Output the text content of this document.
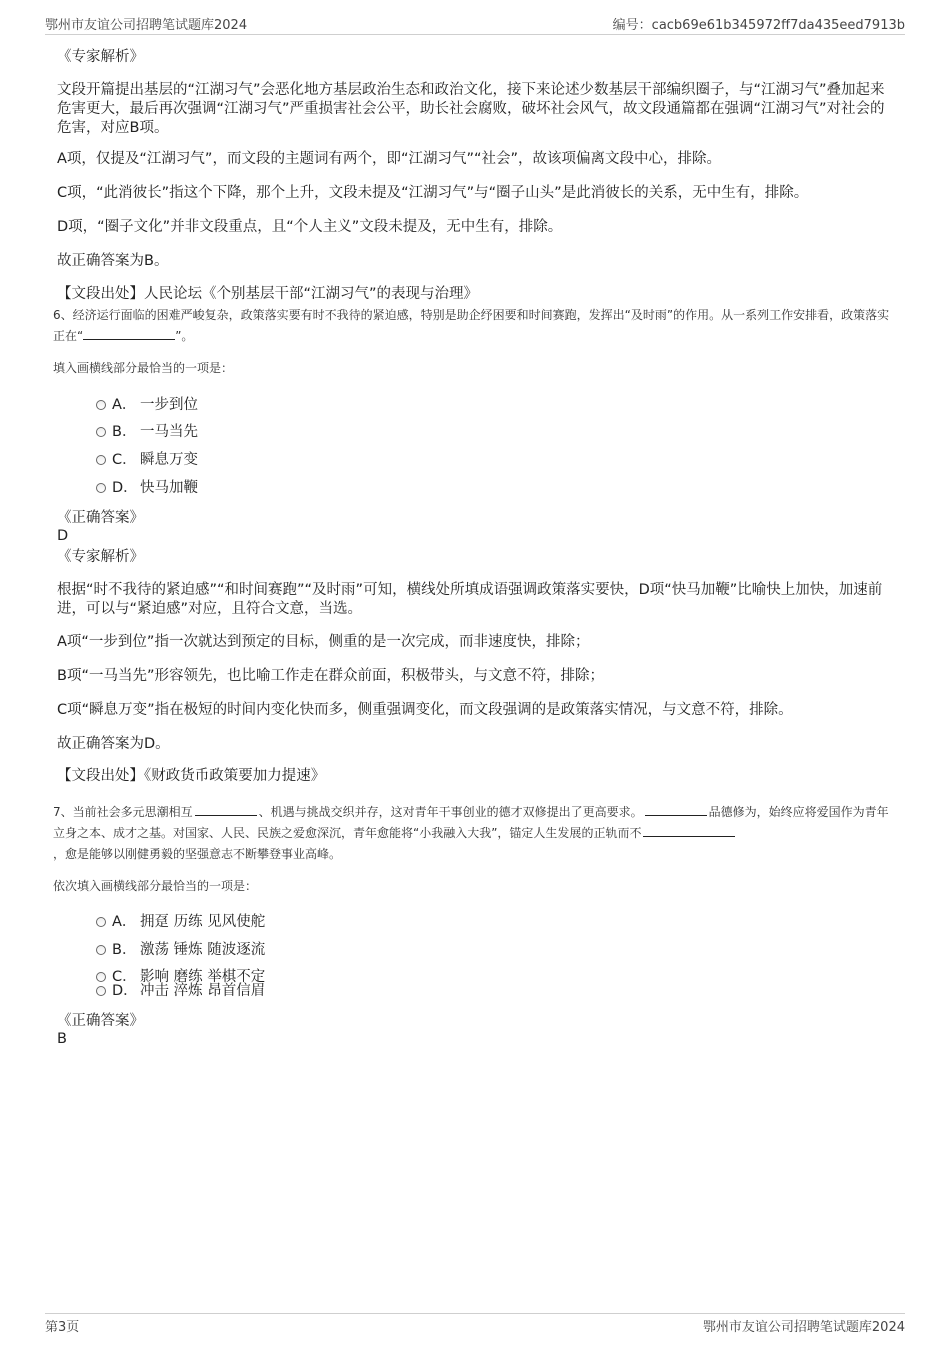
鄂州市友谊公司招聘笔试题库2024	编号：cacb69e61b345972ff7da435eed7913b
《专家解析》
文段开篇提出基层的“江湖习气”会恶化地方基层政治生态和政治文化，接下来论述少数基层干部编织圈子，与“江湖习气”叠加起来危害更大，最后再次强调“江湖习气”严重损害社会公平，助长社会腐败，破坏社会风气，故文段通篇都在强调“江湖习气”对社会的危害，对应B项。
A项，仅提及“江湖习气”，而文段的主题词有两个，即“江湖习气”“社会”，故该项偏离文段中心，排除。
C项，“此消彼长”指这个下降，那个上升，文段未提及“江湖习气”与“圈子山头”是此消彼长的关系，无中生有，排除。
D项，“圈子文化”并非文段重点，且“个人主义”文段未提及，无中生有，排除。
故正确答案为B。
【文段出处】人民论坛《个别基层干部“江湖习气”的表现与治理》
6、经济运行面临的困难严峻复杂，政策落实要有时不我待的紧迫感，特别是助企纾困要和时间赛跑，发挥出“及时雨”的作用。从一系列工作安排看，政策落实正在“	”。
填入画横线部分最恰当的一项是：
A． 一步到位
B． 一马当先
C． 瞬息万变
D． 快马加鞭
《正确答案》
D
《专家解析》
根据“时不我待的紧迫感”“和时间赛跑”“及时雨”可知，横线处所填成语强调政策落实要快，D项“快马加鞭”比喻快上加快，加速前进，可以与“紧迫感”对应，且符合文意，当选。
A项“一步到位”指一次就达到预定的目标，侧重的是一次完成，而非速度快，排除；
B项“一马当先”形容领先，也比喻工作走在群众前面，积极带头，与文意不符，排除；
C项“瞬息万变”指在极短的时间内变化快而多，侧重强调变化，而文段强调的是政策落实情况，与文意不符，排除。
故正确答案为D。
【文段出处】《财政货币政策要加力提速》
7、当前社会多元思潮相互	、机遇与挑战交织并存，这对青年干事创业的德才双修提出了更高要求。	品德修为，始终应将爱国作为青年立身之本、成才之基。对国家、人民、民族之爱愈深沉，青年愈能将“小我融入大我”，锚定人生发展的正轨而不
，愈是能够以刚健勇毅的坚强意志不断攀登事业高峰。
依次填入画横线部分最恰当的一项是：
A． 拥趸 历练 见风使舵
B． 激荡 锤炼 随波逐流
C． 影响 磨练 举棋不定
D． 冲击 淬炼 昂首信眉
《正确答案》
B
第3页	鄂州市友谊公司招聘笔试题库2024
